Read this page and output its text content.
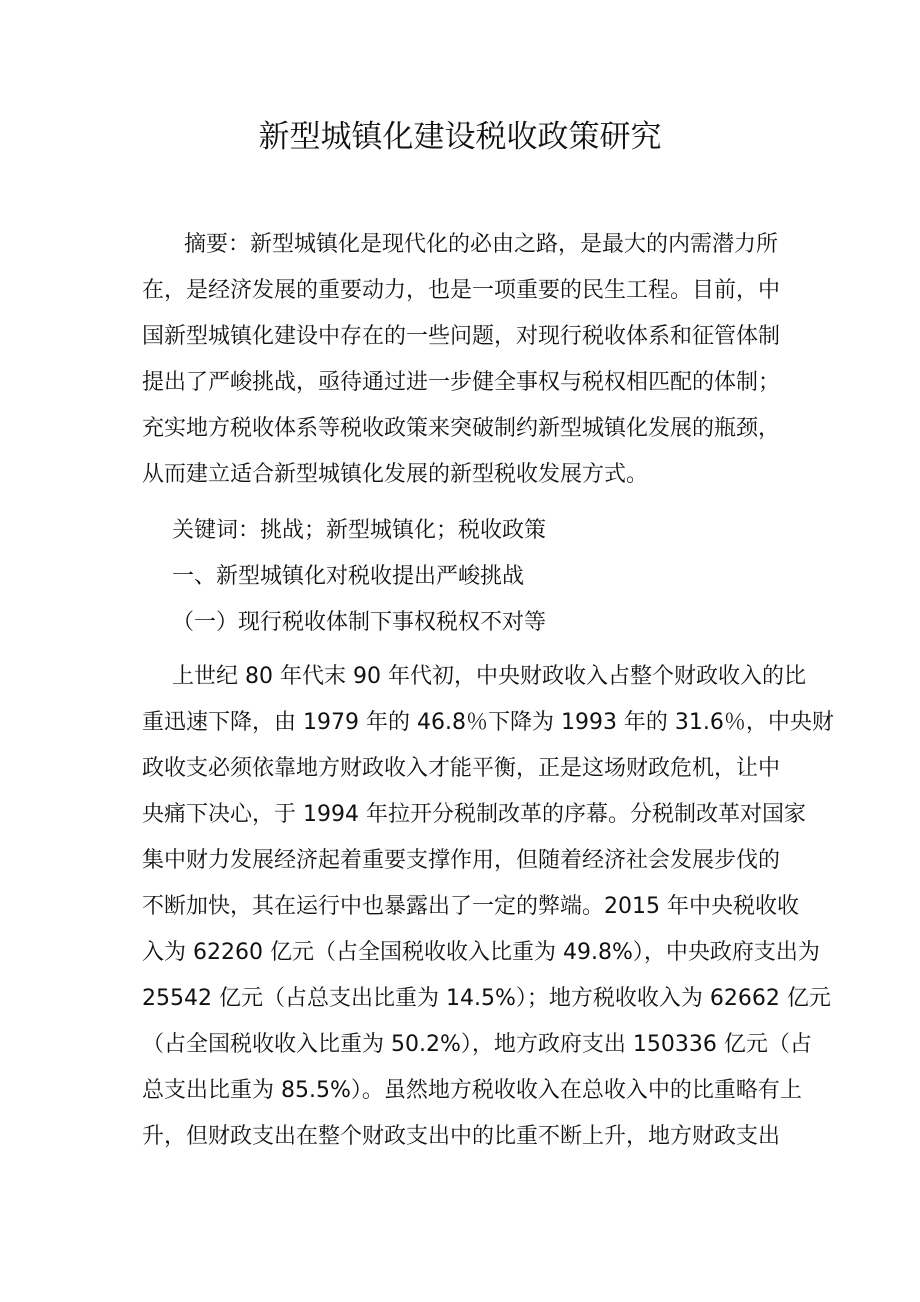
新型城镇化建设税收政策研究
摘要：新型城镇化是现代化的必由之路，是最大的内需潜力所
在，是经济发展的重要动力，也是一项重要的民生工程。目前，中
国新型城镇化建设中存在的一些问题，对现行税收体系和征管体制
提出了严峻挑战，亟待通过进一步健全事权与税权相匹配的体制；
充实地方税收体系等税收政策来突破制约新型城镇化发展的瓶颈，
从而建立适合新型城镇化发展的新型税收发展方式。
关键词：挑战；新型城镇化；税收政策
一、新型城镇化对税收提出严峻挑战
（一）现行税收体制下事权税权不对等
上世纪 80 年代末 90 年代初，中央财政收入占整个财政收入的比
重迅速下降，由 1979 年的 46.8％下降为 1993 年的 31.6％，中央财
政收支必须依靠地方财政收入才能平衡，正是这场财政危机，让中
央痛下决心，于 1994 年拉开分税制改革的序幕。分税制改革对国家
集中财力发展经济起着重要支撑作用，但随着经济社会发展步伐的
不断加快，其在运行中也暴露出了一定的弊端。2015 年中央税收收
入为 62260 亿元（占全国税收收入比重为 49.8%），中央政府支出为
25542 亿元（占总支出比重为 14.5%）；地方税收收入为 62662 亿元
（占全国税收收入比重为 50.2%），地方政府支出 150336 亿元（占
总支出比重为 85.5%）。虽然地方税收收入在总收入中的比重略有上
升，但财政支出在整个财政支出中的比重不断上升，地方财政支出
